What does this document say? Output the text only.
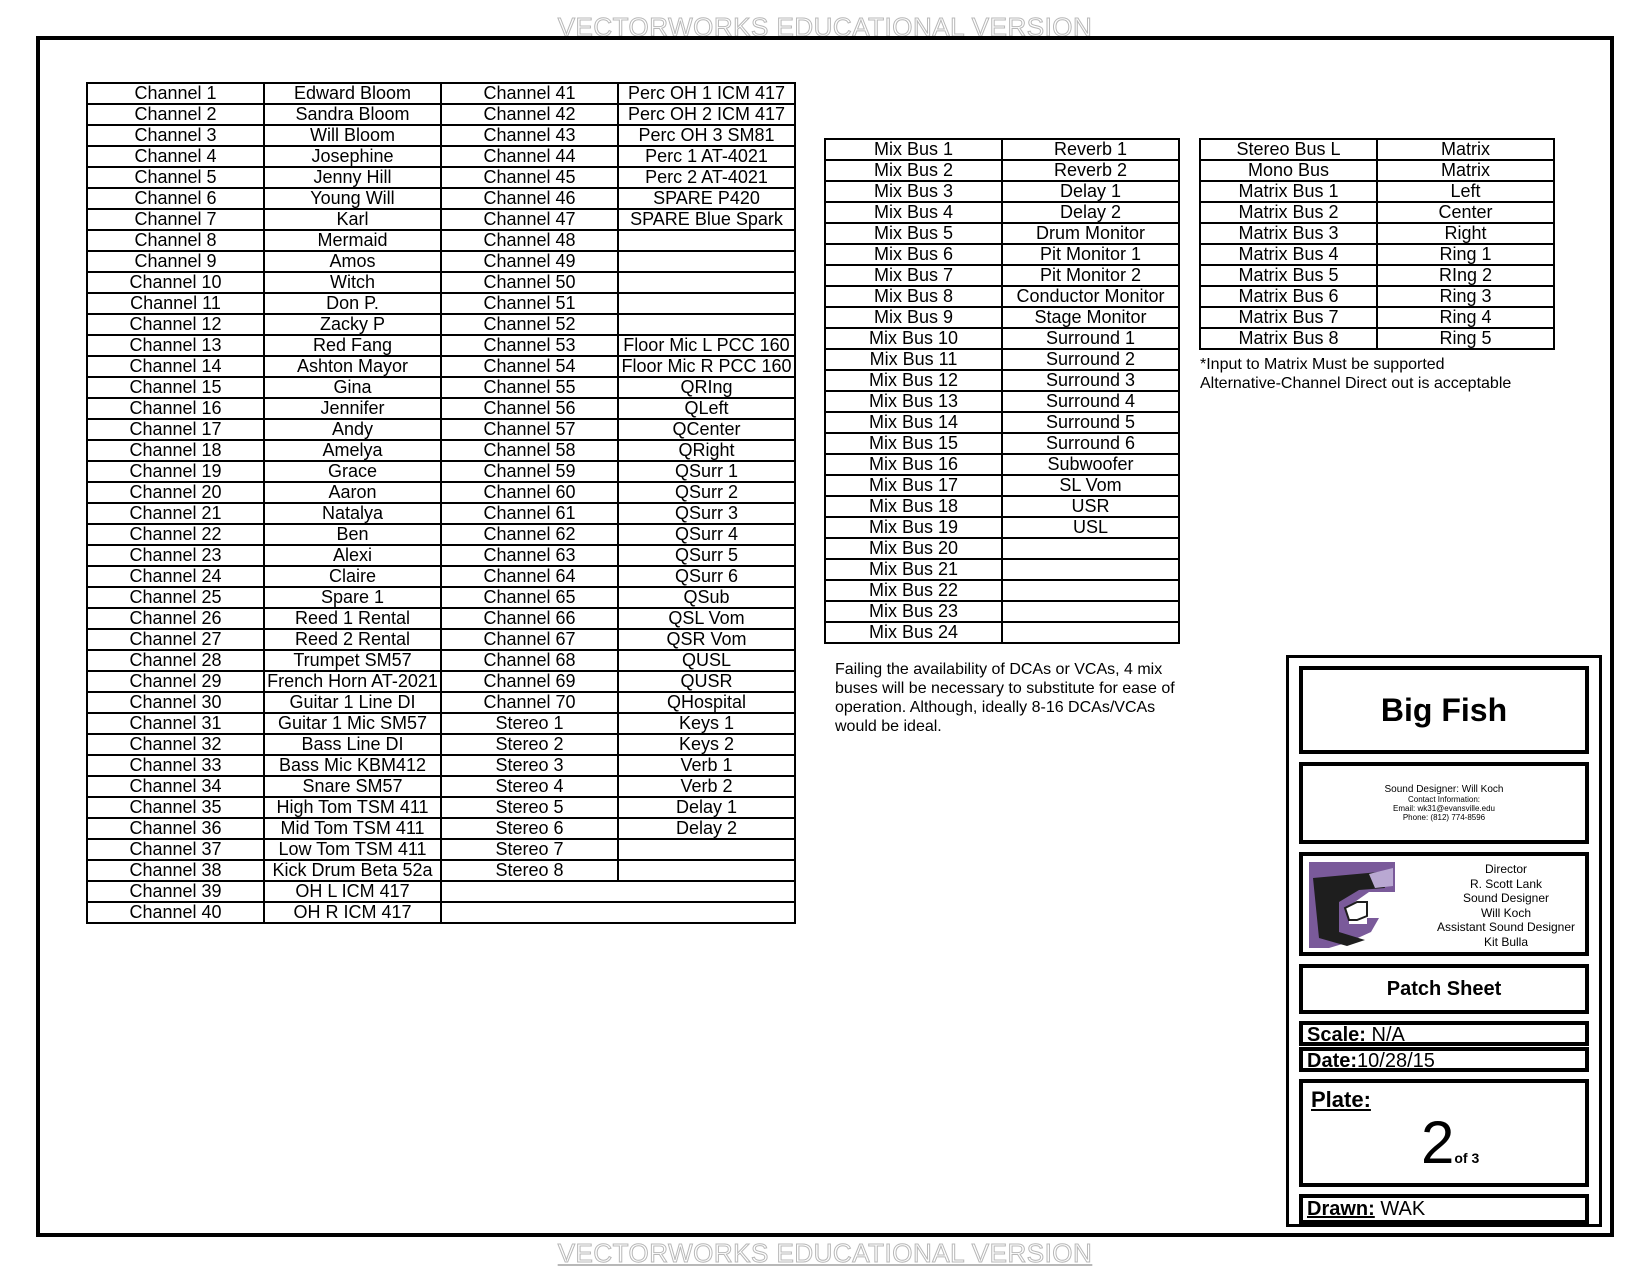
VECTORWORKS EDUCATIONAL VERSION
Channel 1	Edward Bloom	Channel 41	Perc OH 1 ICM 417
Channel 2	Sandra Bloom	Channel 42	Perc OH 2 ICM 417
Channel 3	Will Bloom	Channel 43	Perc OH 3 SM81
Channel 4	Josephine	Channel 44	Perc 1 AT-4021
Channel 5	Jenny Hill	Channel 45	Perc 2 AT-4021
Channel 6	Young Will	Channel 46	SPARE P420
Channel 7	Karl	Channel 47	SPARE Blue Spark
Channel 8	Mermaid	Channel 48	
Channel 9	Amos	Channel 49	
Channel 10	Witch	Channel 50	
Channel 11	Don P.	Channel 51	
Channel 12	Zacky P	Channel 52	
Channel 13	Red Fang	Channel 53	Floor Mic L PCC 160
Channel 14	Ashton Mayor	Channel 54	Floor Mic R PCC 160
Channel 15	Gina	Channel 55	QRIng
Channel 16	Jennifer	Channel 56	QLeft
Channel 17	Andy	Channel 57	QCenter
Channel 18	Amelya	Channel 58	QRight
Channel 19	Grace	Channel 59	QSurr 1
Channel 20	Aaron	Channel 60	QSurr 2
Channel 21	Natalya	Channel 61	QSurr 3
Channel 22	Ben	Channel 62	QSurr 4
Channel 23	Alexi	Channel 63	QSurr 5
Channel 24	Claire	Channel 64	QSurr 6
Channel 25	Spare 1	Channel 65	QSub
Channel 26	Reed 1 Rental	Channel 66	QSL Vom
Channel 27	Reed 2 Rental	Channel 67	QSR Vom
Channel 28	Trumpet SM57	Channel 68	QUSL
Channel 29	French Horn AT-2021	Channel 69	QUSR
Channel 30	Guitar 1 Line DI	Channel 70	QHospital
Channel 31	Guitar 1 Mic SM57	Stereo 1	Keys 1
Channel 32	Bass Line DI	Stereo 2	Keys 2
Channel 33	Bass Mic KBM412	Stereo 3	Verb 1
Channel 34	Snare SM57	Stereo 4	Verb 2
Channel 35	High Tom TSM 411	Stereo 5	Delay 1
Channel 36	Mid Tom TSM 411	Stereo 6	Delay 2
Channel 37	Low Tom TSM 411	Stereo 7	
Channel 38	Kick Drum Beta 52a	Stereo 8	
Channel 39	OH L ICM 417		
Channel 40	OH R ICM 417		
Mix Bus 1	Reverb 1
Mix Bus 2	Reverb 2
Mix Bus 3	Delay 1
Mix Bus 4	Delay 2
Mix Bus 5	Drum Monitor
Mix Bus 6	Pit Monitor 1
Mix Bus 7	Pit Monitor 2
Mix Bus 8	Conductor Monitor
Mix Bus 9	Stage Monitor
Mix Bus 10	Surround 1
Mix Bus 11	Surround 2
Mix Bus 12	Surround 3
Mix Bus 13	Surround 4
Mix Bus 14	Surround 5
Mix Bus 15	Surround 6
Mix Bus 16	Subwoofer
Mix Bus 17	SL Vom
Mix Bus 18	USR
Mix Bus 19	USL
Mix Bus 20	
Mix Bus 21	
Mix Bus 22	
Mix Bus 23	
Mix Bus 24	
Stereo Bus L	Matrix
Mono Bus	Matrix
Matrix Bus 1	Left
Matrix Bus 2	Center
Matrix Bus 3	Right
Matrix Bus 4	Ring 1
Matrix Bus 5	RIng 2
Matrix Bus 6	Ring 3
Matrix Bus 7	Ring 4
Matrix Bus 8	Ring 5
*Input to Matrix Must be supported
Alternative-Channel Direct out is acceptable
Failing the availability of DCAs or VCAs, 4 mix buses will be necessary to substitute for ease of operation. Although, ideally 8-16 DCAs/VCAs would be ideal.	Big Fish
Sound Designer: Will Koch
Contact Information:
Email: wk31@evansville.edu
Phone: (812) 774-8596
Director
R. Scott Lank
Sound Designer
Will Koch
Assistant Sound Designer
Kit Bulla
Patch Sheet
Scale: N/A
Date:10/28/15
Plate:
2of 3
Drawn: WAK
VECTORWORKS EDUCATIONAL VERSION
